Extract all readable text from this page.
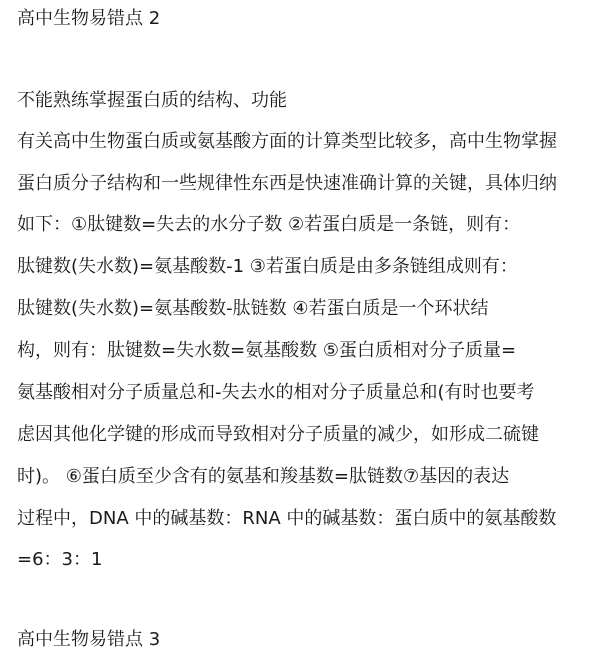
高中生物易错点 2
不能熟练掌握蛋白质的结构、功能
有关高中生物蛋白质或氨基酸方面的计算类型比较多，高中生物掌握
蛋白质分子结构和一些规律性东西是快速准确计算的关键，具体归纳
如下：①肽键数=失去的水分子数 ②若蛋白质是一条链，则有：
肽键数(失水数)=氨基酸数-1 ③若蛋白质是由多条链组成则有：
肽键数(失水数)=氨基酸数-肽链数 ④若蛋白质是一个环状结
构，则有：肽键数=失水数=氨基酸数 ⑤蛋白质相对分子质量=
氨基酸相对分子质量总和-失去水的相对分子质量总和(有时也要考
虑因其他化学键的形成而导致相对分子质量的减少，如形成二硫键
时)。 ⑥蛋白质至少含有的氨基和羧基数=肽链数⑦基因的表达
过程中，DNA 中的碱基数：RNA 中的碱基数：蛋白质中的氨基酸数
=6：3：1
高中生物易错点 3
